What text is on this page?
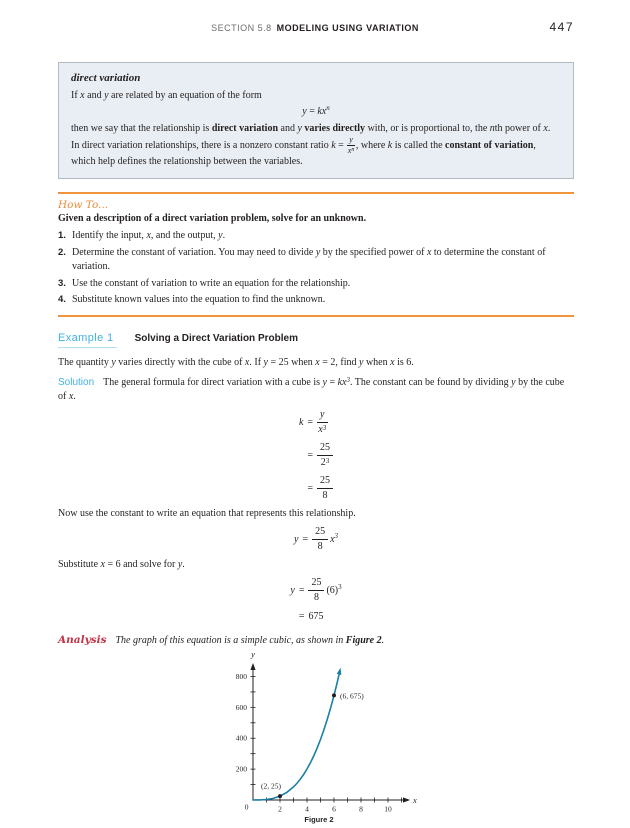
SECTION 5.8 MODELING USING VARIATION	447
direct variation
If x and y are related by an equation of the form
$y = kx^n$
then we say that the relationship is direct variation and y varies directly with, or is proportional to, the nth power of x. In direct variation relationships, there is a nonzero constant ratio $k = \frac{y}{x^n}$ , where k is called the constant of variation, which help defines the relationship between the variables.
How To...
Given a description of a direct variation problem, solve for an unknown.
1. Identify the input, x, and the output, y.
2. Determine the constant of variation. You may need to divide y by the specified power of x to determine the constant of variation.
3. Use the constant of variation to write an equation for the relationship.
4. Substitute known values into the equation to find the unknown.
Example 1 Solving a Direct Variation Problem
The quantity y varies directly with the cube of x. If y = 25 when x = 2, find y when x is 6.
Solution The general formula for direct variation with a cube is $y = kx^3$. The constant can be found by dividing y by the cube of x.
k	=	$\frac{y}{x^3}$

	=	$\frac{25}{2^3}$

	=	$\frac{25}{8}$
Now use the constant to write an equation that represents this relationship.
y	=	$\frac{25}{8} x^3$
Substitute x = 6 and solve for y.
y	=	$\frac{25}{8} (6)^3$
	=	675
Analysis The graph of this equation is a simple cubic, as shown in Figure 2.
2	4	6	8	10
200
400
600
800
0
y
x
(2, 25)
(6, 675)
Figure 2
